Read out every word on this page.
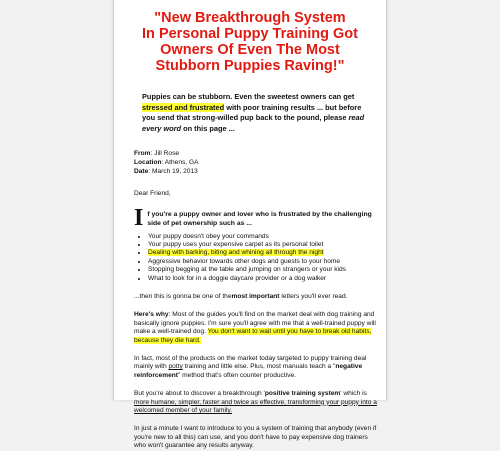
"New Breakthrough System
In Personal Puppy Training Got
Owners Of Even The Most
Stubborn Puppies Raving!"
Puppies can be stubborn. Even the sweetest owners can get stressed and frustrated with poor training results ... but before you send that strong-willed pup back to the pound, please read every word on this page ...
From: Jill Rose
Location: Athens, GA
Date: March 19, 2013
Dear Friend,
I f you're a puppy owner and lover who is frustrated by the challenging side of pet ownership such as ...
• Your puppy doesn't obey your commands
• Your puppy uses your expensive carpet as its personal toilet
• Dealing with barking, biting and whining all through the night
• Aggressive behavior towards other dogs and guests to your home
• Stopping begging at the table and jumping on strangers or your kids
• What to look for in a doggie daycare provider or a dog walker
...then this is gonna be one of themost important letters you'll ever read.
Here's why: Most of the guides you'll find on the market deal with dog training and basically ignore puppies. I'm sure you'll agree with me that a well-trained puppy will make a well-trained dog. You don't want to wait until you have to break old habits, because they die hard.
In fact, most of the products on the market today targeted to puppy training deal mainly with potty training and little else. Plus, most manuals teach a "negative reinforcement" method that's often counter productive.
But you're about to discover a breakthrough 'positive training system' which is more humane, simpler, faster and twice as effective, transforming your puppy into a welcomed member of your family.
In just a minute I want to introduce to you a system of training that anybody (even if you're new to all this) can use, and you don't have to pay expensive dog trainers who won't guarantee any results anyway.
